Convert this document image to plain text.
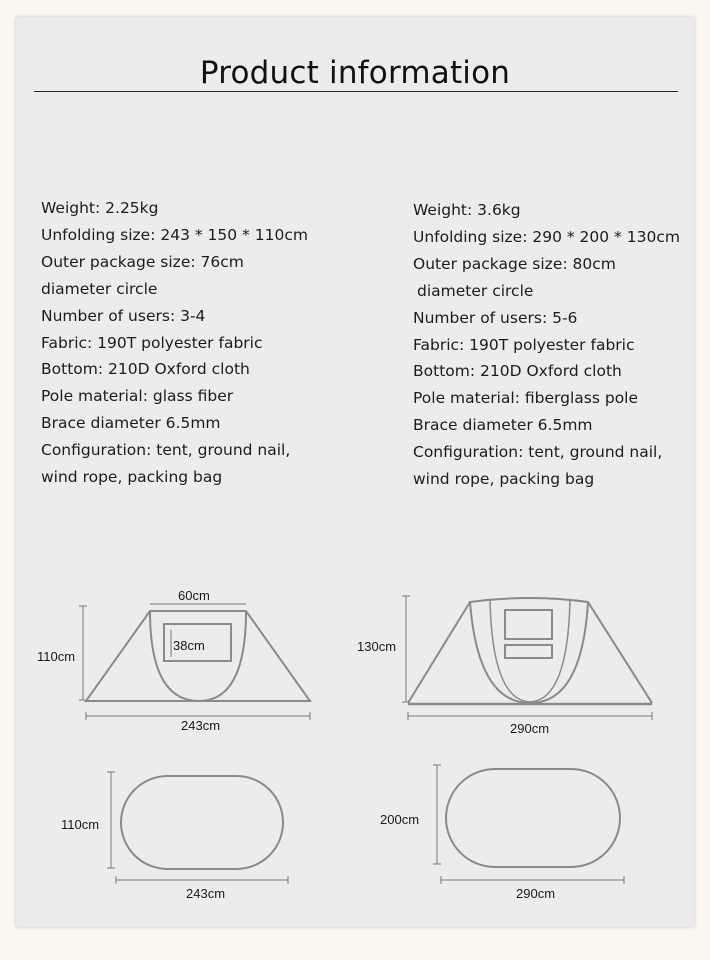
Product information
Weight: 2.25kg
Unfolding size: 243 * 150 * 110cm
Outer package size: 76cm
diameter circle
Number of users: 3-4
Fabric: 190T polyester fabric
Bottom: 210D Oxford cloth
Pole material: glass fiber
Brace diameter 6.5mm
Configuration: tent, ground nail,
wind rope, packing bag
Weight: 3.6kg
Unfolding size: 290 * 200 * 130cm
Outer package size: 80cm
diameter circle
Number of users: 5-6
Fabric: 190T polyester fabric
Bottom: 210D Oxford cloth
Pole material: fiberglass pole
Brace diameter 6.5mm
Configuration: tent, ground nail,
wind rope, packing bag
60cm
110cm
38cm
243cm
130cm
290cm
110cm
243cm
200cm
290cm
